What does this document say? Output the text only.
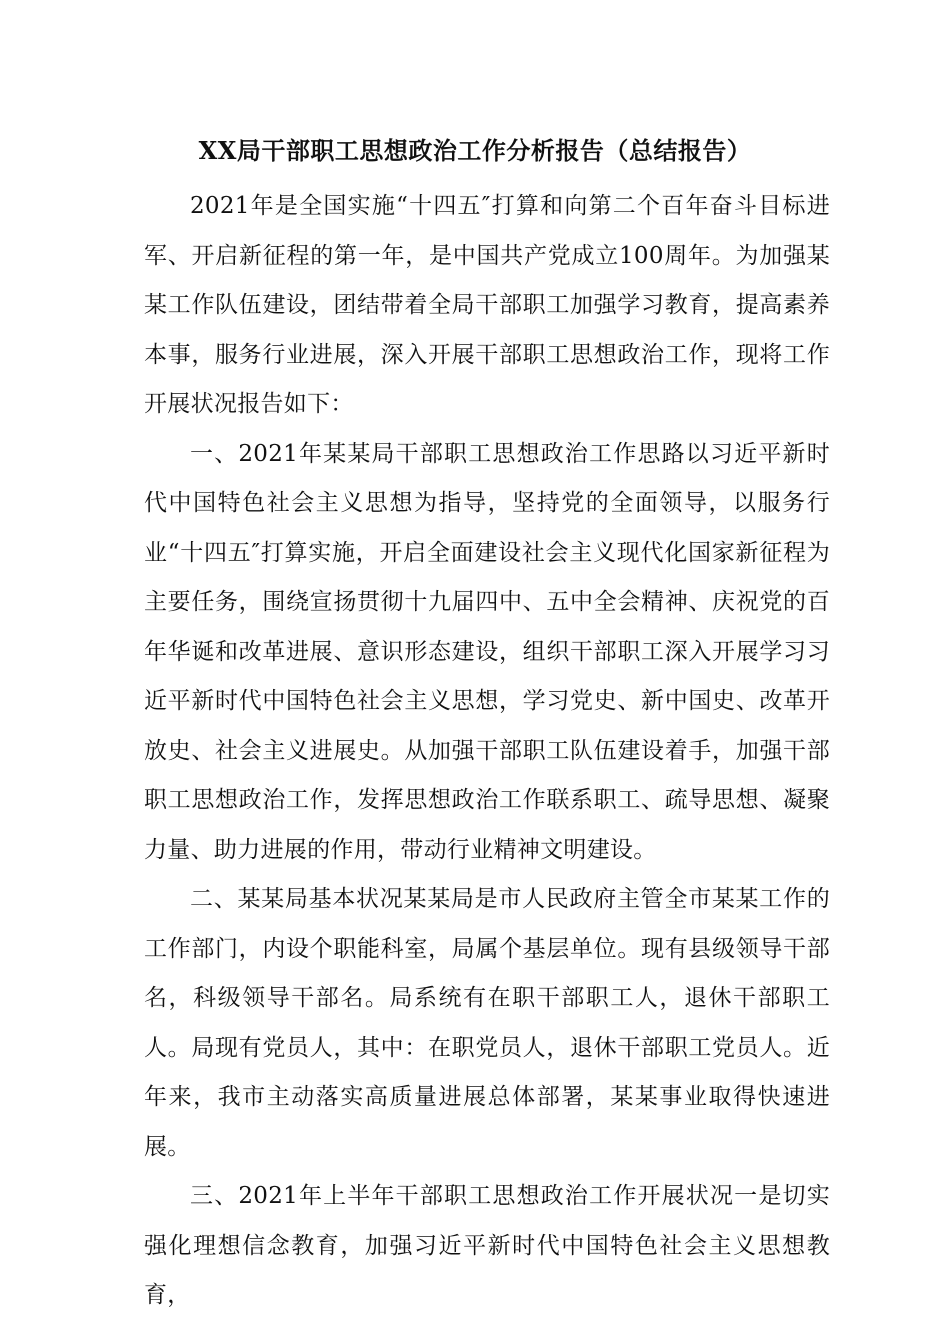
XX局干部职工思想政治工作分析报告（总结报告）

2021年是全国实施“十四五″打算和向第二个百年奋斗目标进军、开启新征程的第一年，是中国共产党成立100周年。为加强某某工作队伍建设，团结带着全局干部职工加强学习教育，提高素养本事，服务行业进展，深入开展干部职工思想政治工作，现将工作开展状况报告如下：

一、2021年某某局干部职工思想政治工作思路以习近平新时代中国特色社会主义思想为指导，坚持党的全面领导，以服务行业“十四五″打算实施，开启全面建设社会主义现代化国家新征程为主要任务，围绕宣扬贯彻十九届四中、五中全会精神、庆祝党的百年华诞和改革进展、意识形态建设，组织干部职工深入开展学习习近平新时代中国特色社会主义思想，学习党史、新中国史、改革开放史、社会主义进展史。从加强干部职工队伍建设着手，加强干部职工思想政治工作，发挥思想政治工作联系职工、疏导思想、凝聚力量、助力进展的作用，带动行业精神文明建设。

二、某某局基本状况某某局是市人民政府主管全市某某工作的工作部门，内设个职能科室，局属个基层单位。现有县级领导干部名，科级领导干部名。局系统有在职干部职工人，退休干部职工人。局现有党员人，其中：在职党员人，退休干部职工党员人。近年来，我市主动落实高质量进展总体部署，某某事业取得快速进展。

三、2021年上半年干部职工思想政治工作开展状况一是切实强化理想信念教育，加强习近平新时代中国特色社会主义思想教育，
